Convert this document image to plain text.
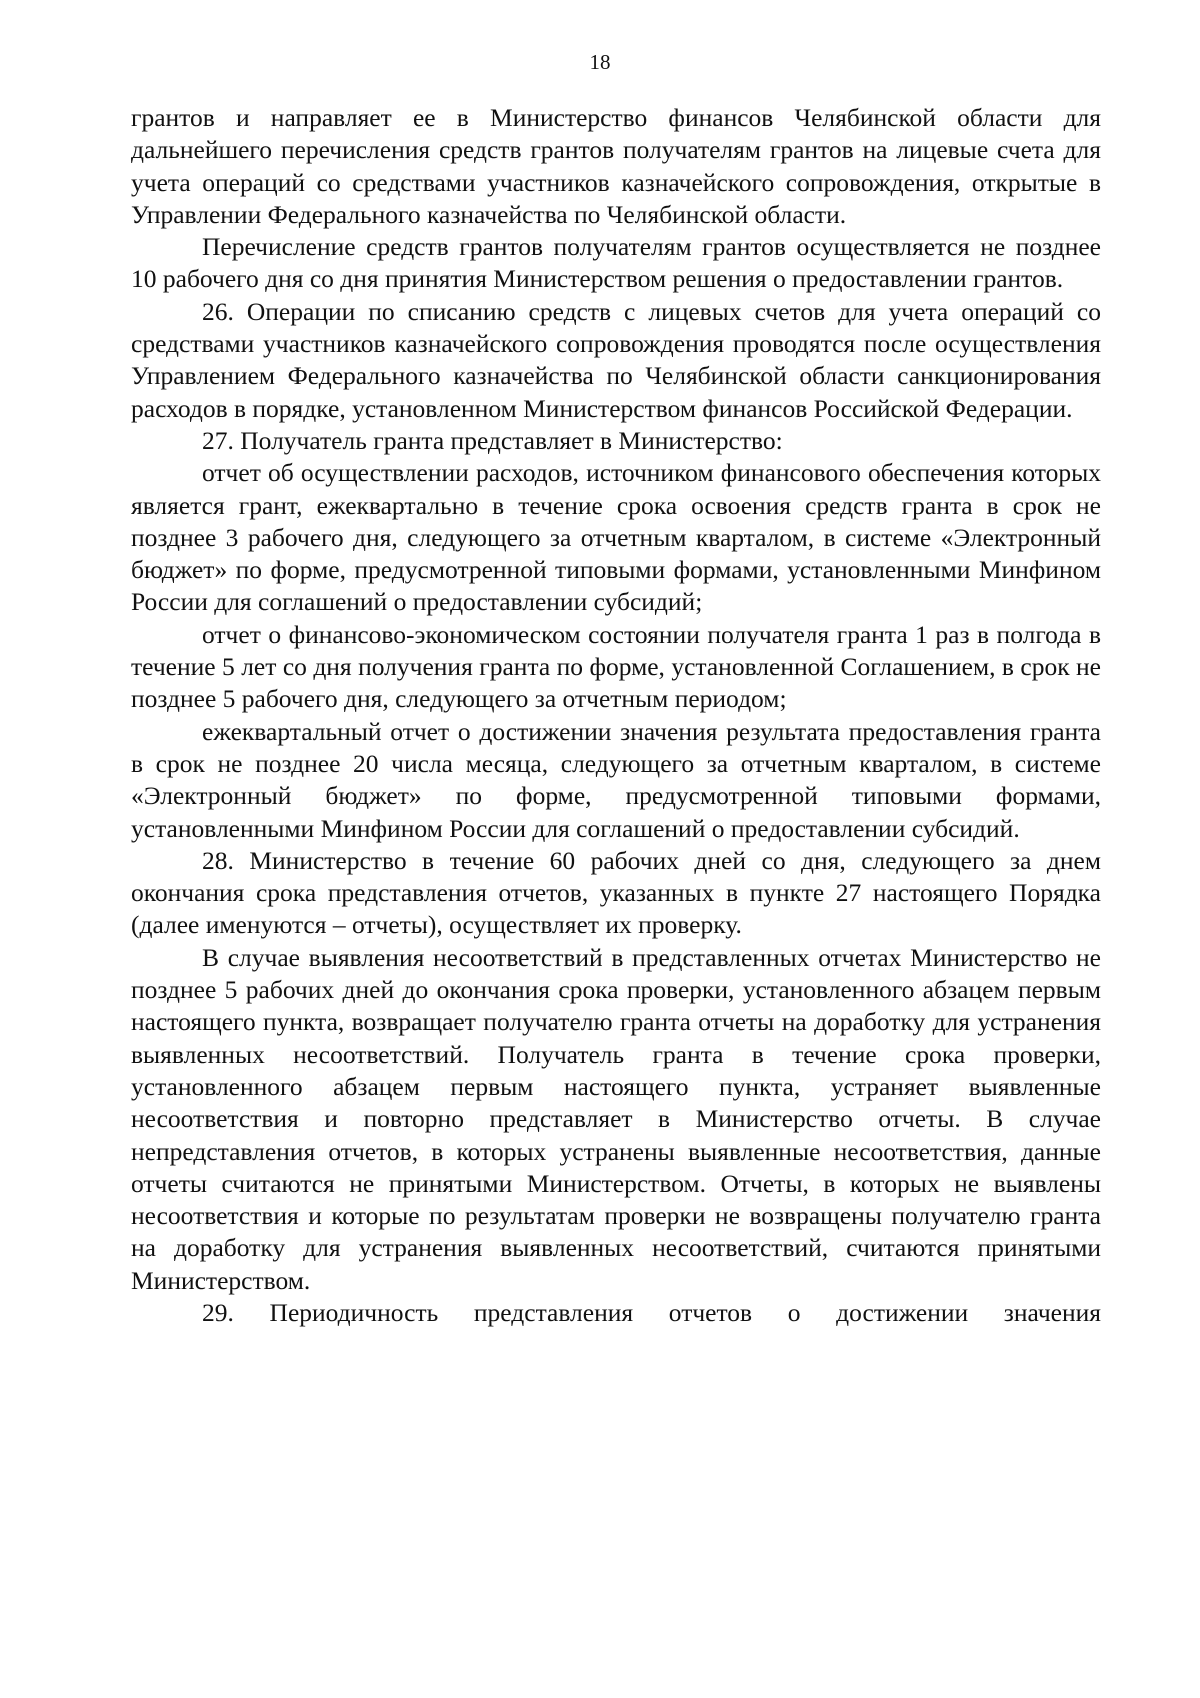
18

грантов и направляет ее в Министерство финансов Челябинской области для дальнейшего перечисления средств грантов получателям грантов на лицевые счета для учета операций со средствами участников казначейского сопровождения, открытые в Управлении Федерального казначейства по Челябинской области.

Перечисление средств грантов получателям грантов осуществляется не позднее 10 рабочего дня со дня принятия Министерством решения о предоставлении грантов.

26. Операции по списанию средств с лицевых счетов для учета операций со средствами участников казначейского сопровождения проводятся после осуществления Управлением Федерального казначейства по Челябинской области санкционирования расходов в порядке, установленном Министерством финансов Российской Федерации.

27. Получатель гранта представляет в Министерство:

отчет об осуществлении расходов, источником финансового обеспечения которых является грант, ежеквартально в течение срока освоения средств гранта в срок не позднее 3 рабочего дня, следующего за отчетным кварталом, в системе «Электронный бюджет» по форме, предусмотренной типовыми формами, установленными Минфином России для соглашений о предоставлении субсидий;

отчет о финансово-экономическом состоянии получателя гранта 1 раз в полгода в течение 5 лет со дня получения гранта по форме, установленной Соглашением, в срок не позднее 5 рабочего дня, следующего за отчетным периодом;

ежеквартальный отчет о достижении значения результата предоставления гранта в срок не позднее 20 числа месяца, следующего за отчетным кварталом, в системе «Электронный бюджет» по форме, предусмотренной типовыми формами, установленными Минфином России для соглашений о предоставлении субсидий.

28. Министерство в течение 60 рабочих дней со дня, следующего за днем окончания срока представления отчетов, указанных в пункте 27 настоящего Порядка (далее именуются – отчеты), осуществляет их проверку.

В случае выявления несоответствий в представленных отчетах Министерство не позднее 5 рабочих дней до окончания срока проверки, установленного абзацем первым настоящего пункта, возвращает получателю гранта отчеты на доработку для устранения выявленных несоответствий. Получатель гранта в течение срока проверки, установленного абзацем первым настоящего пункта, устраняет выявленные несоответствия и повторно представляет в Министерство отчеты. В случае непредставления отчетов, в которых устранены выявленные несоответствия, данные отчеты считаются не принятыми Министерством. Отчеты, в которых не выявлены несоответствия и которые по результатам проверки не возвращены получателю гранта на доработку для устранения выявленных несоответствий, считаются принятыми Министерством.

29. Периодичность представления отчетов о достижении значения
